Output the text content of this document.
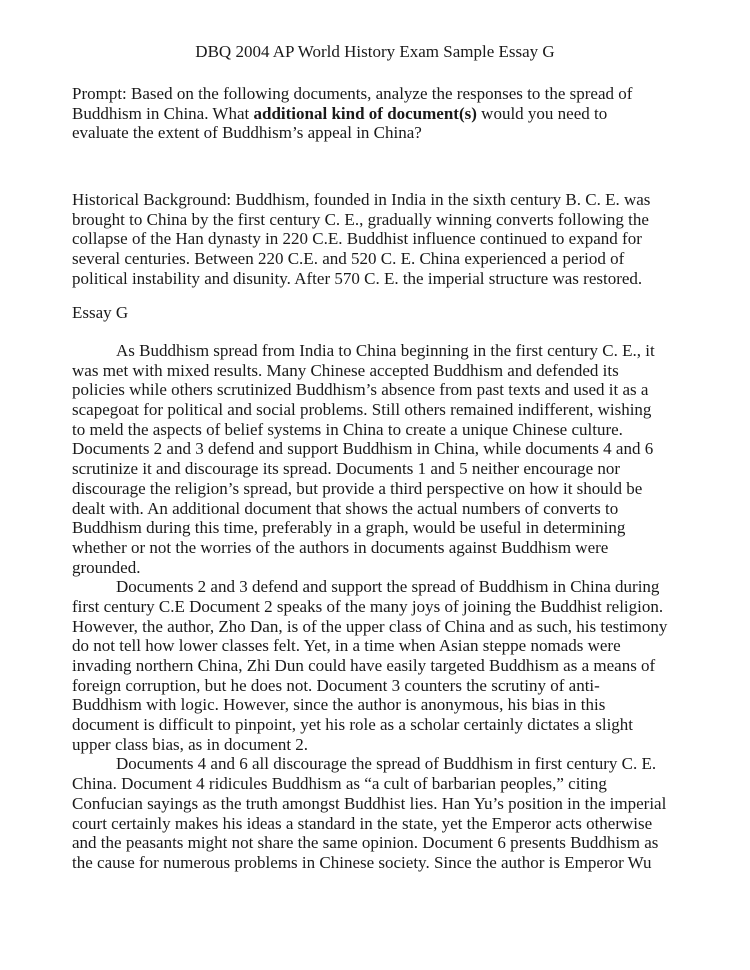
DBQ 2004 AP World History Exam Sample Essay G
Prompt: Based on the following documents, analyze the responses to the spread of
Buddhism in China. What additional kind of document(s) would you need to
evaluate the extent of Buddhism’s appeal in China?
Historical Background: Buddhism, founded in India in the sixth century B. C. E. was
brought to China by the first century C. E., gradually winning converts following the
collapse of the Han dynasty in 220 C.E. Buddhist influence continued to expand for
several centuries. Between 220 C.E. and 520 C. E. China experienced a period of
political instability and disunity. After 570 C. E. the imperial structure was restored.
Essay G
As Buddhism spread from India to China beginning in the first century C. E., it
was met with mixed results. Many Chinese accepted Buddhism and defended its
policies while others scrutinized Buddhism’s absence from past texts and used it as a
scapegoat for political and social problems. Still others remained indifferent, wishing
to meld the aspects of belief systems in China to create a unique Chinese culture.
Documents 2 and 3 defend and support Buddhism in China, while documents 4 and 6
scrutinize it and discourage its spread. Documents 1 and 5 neither encourage nor
discourage the religion’s spread, but provide a third perspective on how it should be
dealt with. An additional document that shows the actual numbers of converts to
Buddhism during this time, preferably in a graph, would be useful in determining
whether or not the worries of the authors in documents against Buddhism were
grounded.
Documents 2 and 3 defend and support the spread of Buddhism in China during
first century C.E Document 2 speaks of the many joys of joining the Buddhist religion.
However, the author, Zho Dan, is of the upper class of China and as such, his testimony
do not tell how lower classes felt. Yet, in a time when Asian steppe nomads were
invading northern China, Zhi Dun could have easily targeted Buddhism as a means of
foreign corruption, but he does not. Document 3 counters the scrutiny of anti-
Buddhism with logic. However, since the author is anonymous, his bias in this
document is difficult to pinpoint, yet his role as a scholar certainly dictates a slight
upper class bias, as in document 2.
Documents 4 and 6 all discourage the spread of Buddhism in first century C. E.
China. Document 4 ridicules Buddhism as “a cult of barbarian peoples,” citing
Confucian sayings as the truth amongst Buddhist lies. Han Yu’s position in the imperial
court certainly makes his ideas a standard in the state, yet the Emperor acts otherwise
and the peasants might not share the same opinion. Document 6 presents Buddhism as
the cause for numerous problems in Chinese society. Since the author is Emperor Wu
